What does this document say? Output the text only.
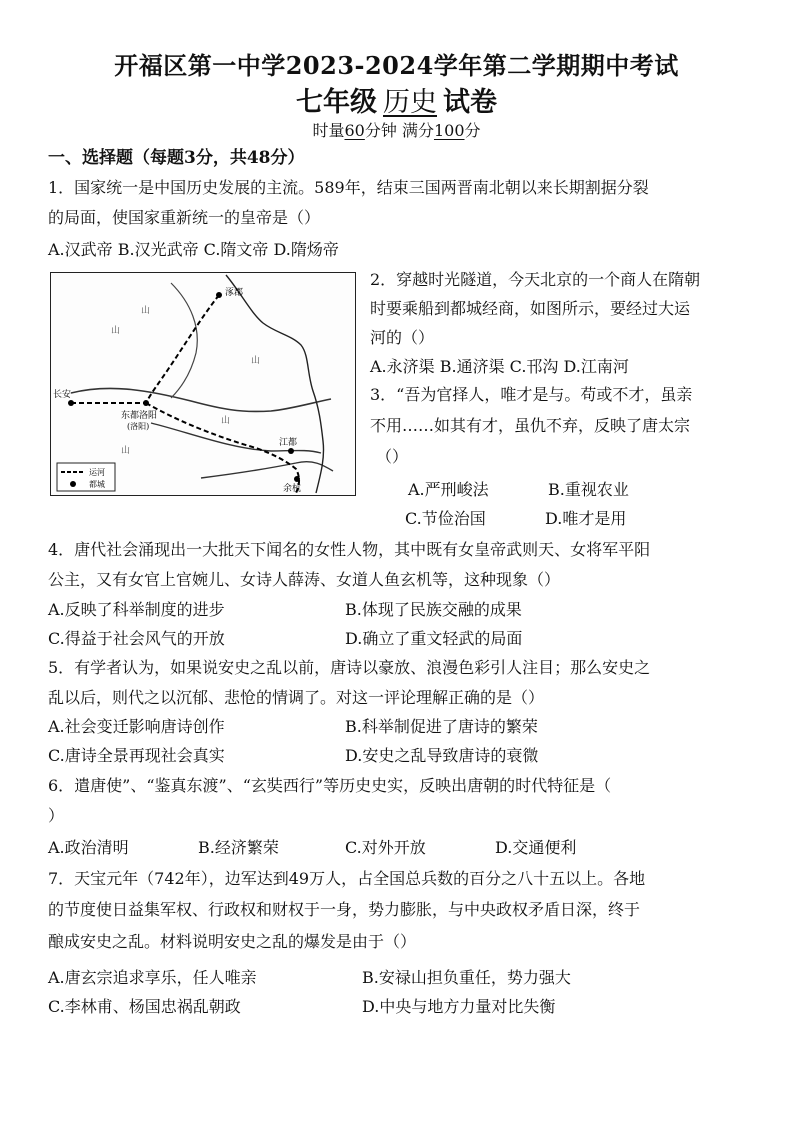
开福区第一中学2023-2024学年第二学期期中考试
七年级 历史 试卷
时量60分钟 满分100分
一、选择题（每题3分，共48分）
1．国家统一是中国历史发展的主流。589年，结束三国两晋南北朝以来长期割据分裂
的局面，使国家重新统一的皇帝是（）
A.汉武帝 B.汉光武帝 C.隋文帝 D.隋炀帝
山
山
山
山
山
涿郡
长安
东都洛阳
(洛阳)
江都
余杭
运河
都城
2．穿越时光隧道，今天北京的一个商人在隋朝
时要乘船到都城经商，如图所示，要经过大运
河的（）
A.永济渠 B.通济渠 C.邗沟 D.江南河
3．“吾为官择人，唯才是与。苟或不才，虽亲
不用……如其有才，虽仇不弃，反映了唐太宗
（）
A.严刑峻法	B.重视农业
C.节俭治国	D.唯才是用
4．唐代社会涌现出一大批天下闻名的女性人物，其中既有女皇帝武则天、女将军平阳
公主，又有女官上官婉儿、女诗人薛涛、女道人鱼玄机等，这种现象（）
A.反映了科举制度的进步	B.体现了民族交融的成果
C.得益于社会风气的开放	D.确立了重文轻武的局面
5．有学者认为，如果说安史之乱以前，唐诗以豪放、浪漫色彩引人注目；那么安史之
乱以后，则代之以沉郁、悲怆的情调了。对这一评论理解正确的是（）
A.社会变迁影响唐诗创作	B.科举制促进了唐诗的繁荣
C.唐诗全景再现社会真实	D.安史之乱导致唐诗的衰微
6．遣唐使”、“鉴真东渡”、“玄奘西行”等历史史实，反映出唐朝的时代特征是（
）
A.政治清明	B.经济繁荣	C.对外开放	D.交通便利
7．天宝元年（742年），边军达到49万人，占全国总兵数的百分之八十五以上。各地
的节度使日益集军权、行政权和财权于一身，势力膨胀，与中央政权矛盾日深，终于
酿成安史之乱。材料说明安史之乱的爆发是由于（）
A.唐玄宗追求享乐，任人唯亲	B.安禄山担负重任，势力强大
C.李林甫、杨国忠祸乱朝政	D.中央与地方力量对比失衡
